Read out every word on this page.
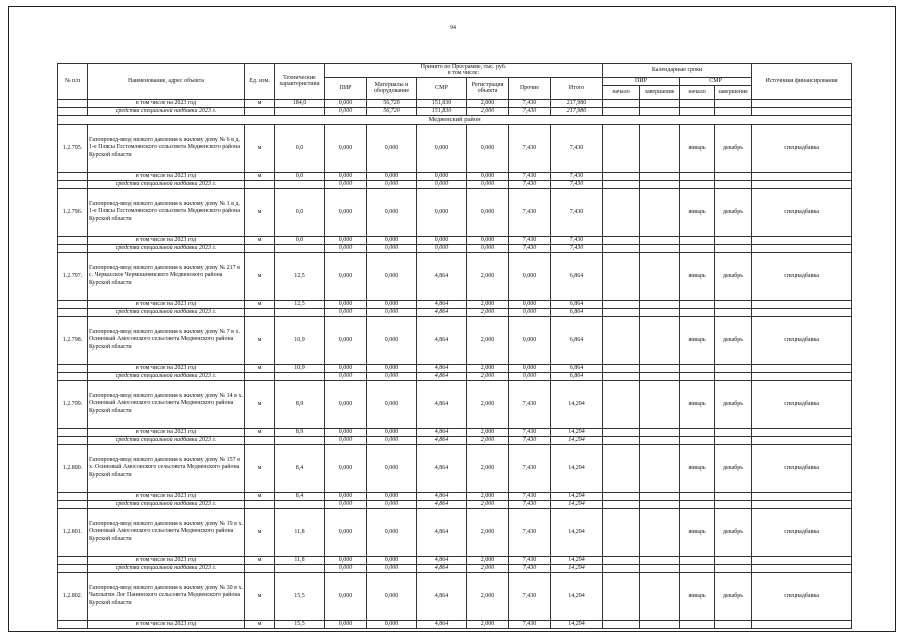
94
№ п/п	Наименование, адрес объекта	Ед. изм.	Технические характеристики	Принято по Программе, тыс. руб.
в том числе:						Календарные сроки				Источники финансирования
				ПИР	Материалы и оборудование	СМР	Регистрация объекта	Прочие	Итого	ПИР		СМР		
										начало	завершение	начало	завершение	
	в том числе на 2023 год	м	184,0	0,000	56,720	151,830	2,000	7,430	217,980					
	средства специальной надбавки 2023 г.			0,000	56,720	151,830	2,000	7,430	217,980					
Медвенский район														
1.2.795.	Газопровод-ввод низкого давления к жилому дому № 6 в д. 1-е Плясы Гостомлянского сельсовета Медвенского района Курской области	м	0,0	0,000	0,000	0,000	0,000	7,430	7,430			январь	декабрь	спецнадбавка
	в том числе на 2023 год	м	0,0	0,000	0,000	0,000	0,000	7,430	7,430					
	средства специальной надбавки 2023 г.			0,000	0,000	0,000	0,000	7,430	7,430					
1.2.796.	Газопровод-ввод низкого давления к жилому дому № 1 в д. 1-е Плясы Гостомлянского сельсовета Медвенского района Курской области	м	0,0	0,000	0,000	0,000	0,000	7,430	7,430			январь	декабрь	спецнадбавка
	в том числе на 2023 год	м	0,0	0,000	0,000	0,000	0,000	7,430	7,430					
	средства специальной надбавки 2023 г.			0,000	0,000	0,000	0,000	7,430	7,430					
1.2.797.	Газопровод-ввод низкого давления к жилому дому № 217 в с. Черкасское Чермошнянского Медвенского района Курской области	м	12,5	0,000	0,000	4,864	2,000	0,000	6,864			январь	декабрь	спецнадбавка
	в том числе на 2023 год	м	12,5	0,000	0,000	4,864	2,000	0,000	6,864					
	средства специальной надбавки 2023 г.			0,000	0,000	4,864	2,000	0,000	6,864					
1.2.798.	Газопровод-ввод низкого давления к жилому дому № 7 в х. Осиновый Амосовского сельсовета Медвенского района Курской области	м	10,9	0,000	0,000	4,864	2,000	0,000	6,864			январь	декабрь	спецнадбавка
	в том числе на 2023 год	м	10,9	0,000	0,000	4,864	2,000	0,000	6,864					
	средства специальной надбавки 2023 г.			0,000	0,000	4,864	2,000	0,000	6,864					
1.2.799.	Газопровод-ввод низкого давления к жилому дому № 14 в х. Осиновый Амосовского сельсовета Медвенского района Курской области	м	8,9	0,000	0,000	4,864	2,000	7,430	14,294			январь	декабрь	спецнадбавка
	в том числе на 2023 год	м	8,9	0,000	0,000	4,864	2,000	7,430	14,294					
	средства специальной надбавки 2023 г.			0,000	0,000	4,864	2,000	7,430	14,294					
1.2.800.	Газопровод-ввод низкого давления к жилому дому № 157 в х. Осиновый Амосовского сельсовета Медвенского района Курской области	м	8,4	0,000	0,000	4,864	2,000	7,430	14,294			январь	декабрь	спецнадбавка
	в том числе на 2023 год	м	8,4	0,000	0,000	4,864	2,000	7,430	14,294					
	средства специальной надбавки 2023 г.			0,000	0,000	4,864	2,000	7,430	14,294					
1.2.801.	Газопровод-ввод низкого давления к жилому дому № 19 в х. Осиновый Амосовского сельсовета Медвенского района Курской области	м	11,8	0,000	0,000	4,864	2,000	7,430	14,294			январь	декабрь	спецнадбавка
	в том числе на 2023 год	м	11,8	0,000	0,000	4,864	2,000	7,430	14,294					
	средства специальной надбавки 2023 г.			0,000	0,000	4,864	2,000	7,430	14,294					
1.2.802.	Газопровод-ввод низкого давления к жилому дому № 30 в х. Чаплыгин Лог Панинского сельсовета Медвенского района Курской области	м	15,5	0,000	0,000	4,864	2,000	7,430	14,294			январь	декабрь	спецнадбавка
	в том числе на 2023 год	м	15,5	0,000	0,000	4,864	2,000	7,430	14,294					
